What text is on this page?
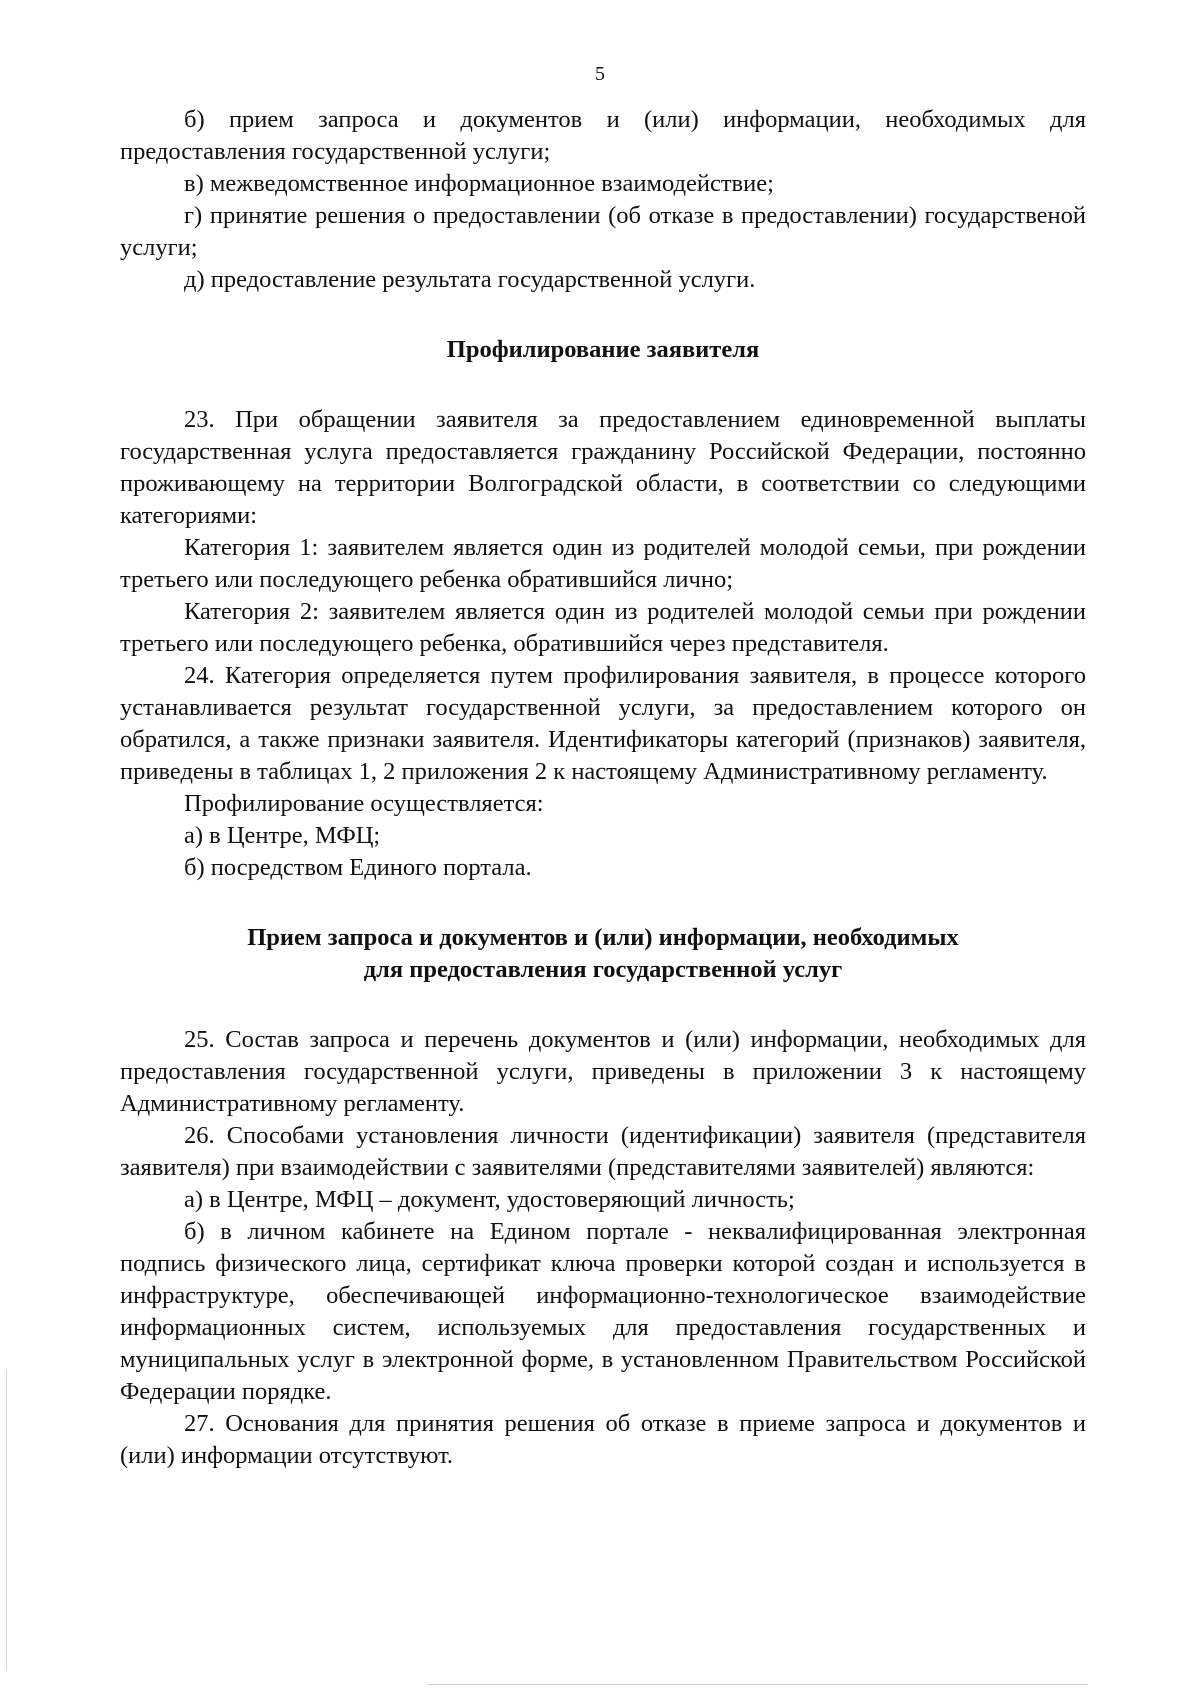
5

б) прием запроса и документов и (или) информации, необходимых для предоставления государственной услуги;

в) межведомственное информационное взаимодействие;

г) принятие решения о предоставлении (об отказе в предоставлении) государственой услуги;

д) предоставление результата государственной услуги.

Профилирование заявителя

23. При обращении заявителя за предоставлением единовременной выплаты государственная услуга предоставляется гражданину Российской Федерации, постоянно проживающему на территории Волгоградской области, в соответствии со следующими категориями:

Категория 1: заявителем является один из родителей молодой семьи, при рождении третьего или последующего ребенка обратившийся лично;

Категория 2: заявителем является один из родителей молодой семьи при рождении третьего или последующего ребенка, обратившийся через представителя.

24. Категория определяется путем профилирования заявителя, в процессе которого устанавливается результат государственной услуги, за предоставлением которого он обратился, а также признаки заявителя. Идентификаторы категорий (признаков) заявителя, приведены в таблицах 1, 2 приложения 2 к настоящему Административному регламенту.

Профилирование осуществляется:

а) в Центре, МФЦ;

б) посредством Единого портала.

Прием запроса и документов и (или) информации, необходимых

для предоставления государственной услуг

25. Состав запроса и перечень документов и (или) информации, необходимых для предоставления государственной услуги, приведены в приложении 3 к настоящему Административному регламенту.

26. Способами установления личности (идентификации) заявителя (представителя заявителя) при взаимодействии с заявителями (представителями заявителей) являются:

а) в Центре, МФЦ – документ, удостоверяющий личность;

б) в личном кабинете на Едином портале - неквалифицированная электронная подпись физического лица, сертификат ключа проверки которой создан и используется в инфраструктуре, обеспечивающей информационно-технологическое взаимодействие информационных систем, используемых для предоставления государственных и муниципальных услуг в электронной форме, в установленном Правительством Российской Федерации порядке.

27. Основания для принятия решения об отказе в приеме запроса и документов и (или) информации отсутствуют.
